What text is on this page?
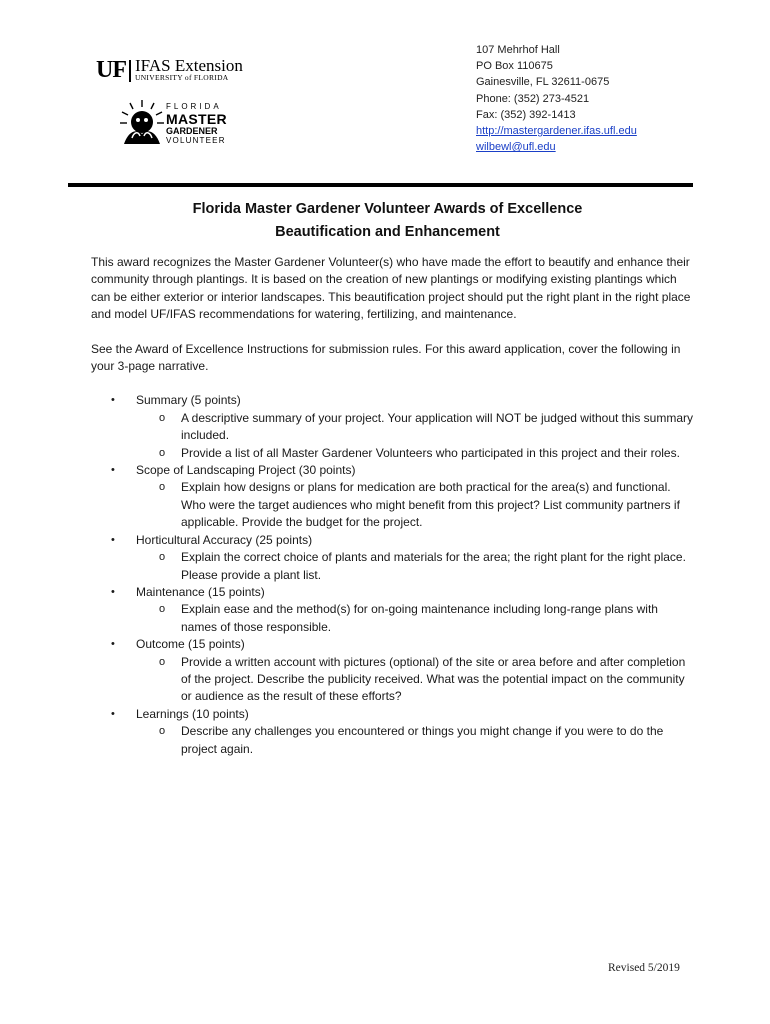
UF IFAS Extension
UNIVERSITY of FLORIDA
FLORIDA
MASTER
GARDENER
VOLUNTEER
107 Mehrhof Hall
PO Box 110675
Gainesville, FL 32611-0675
Phone: (352) 273-4521
Fax: (352) 392-1413
http://mastergardener.ifas.ufl.edu
wilbewl@ufl.edu
Florida Master Gardener Volunteer Awards of Excellence
Beautification and Enhancement

This award recognizes the Master Gardener Volunteer(s) who have made the effort to beautify and enhance their community through plantings. It is based on the creation of new plantings or modifying existing plantings which can be either exterior or interior landscapes. This beautification project should put the right plant in the right place and model UF/IFAS recommendations for watering, fertilizing, and maintenance.

See the Award of Excellence Instructions for submission rules. For this award application, cover the following in your 3-page narrative.

• Summary (5 points)
o A descriptive summary of your project. Your application will NOT be judged without this summary included.
o Provide a list of all Master Gardener Volunteers who participated in this project and their roles.
• Scope of Landscaping Project (30 points)
o Explain how designs or plans for medication are both practical for the area(s) and functional. Who were the target audiences who might benefit from this project? List community partners if applicable. Provide the budget for the project.
• Horticultural Accuracy (25 points)
o Explain the correct choice of plants and materials for the area; the right plant for the right place. Please provide a plant list.
• Maintenance (15 points)
o Explain ease and the method(s) for on-going maintenance including long-range plans with names of those responsible.
• Outcome (15 points)
o Provide a written account with pictures (optional) of the site or area before and after completion of the project. Describe the publicity received. What was the potential impact on the community or audience as the result of these efforts?
• Learnings (10 points)
o Describe any challenges you encountered or things you might change if you were to do the project again.
Revised 5/2019
